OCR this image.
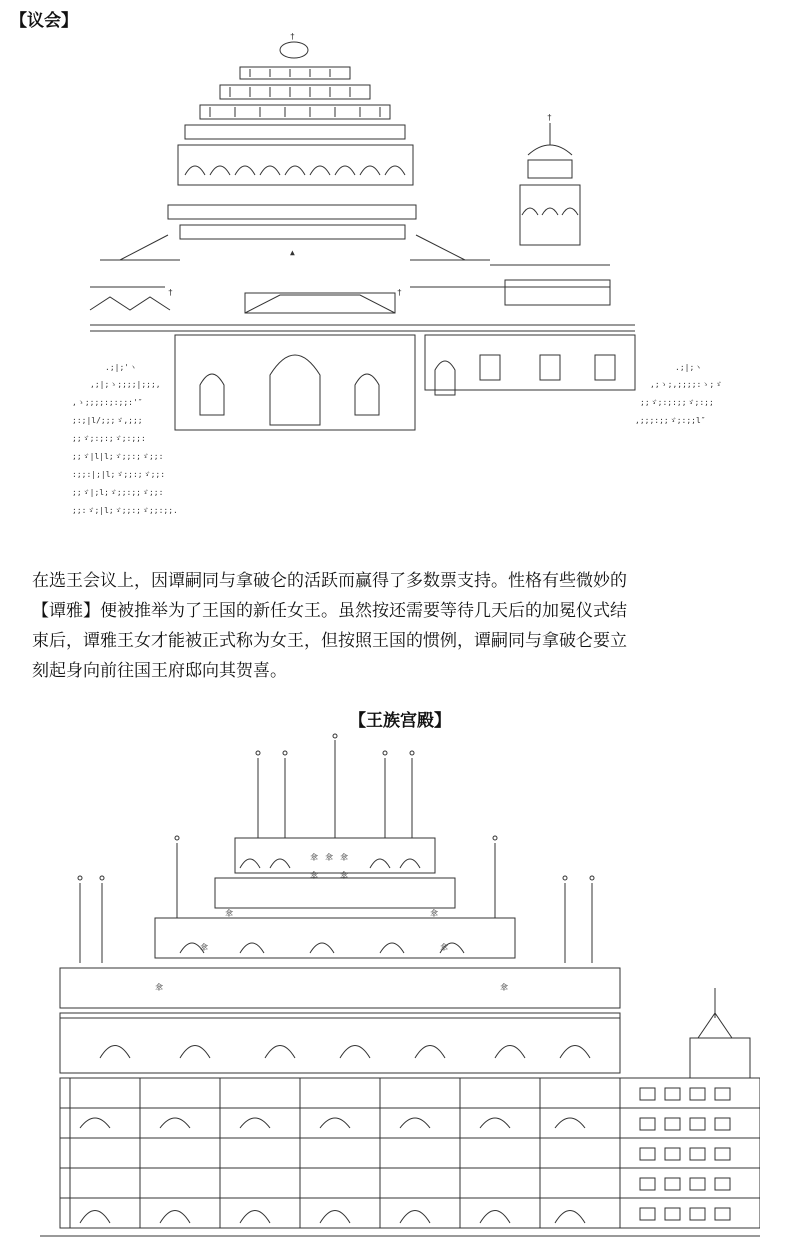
【议会】
†
▲
†
†	†
.;|;'ヽ
,;|;ゝ;;;;|;;;,
,ゝ;;;;:;:;;:'″
;:;|l/;;;ゞ,;;;
;;ゞ;:;:;ゞ;:;;:
;;ゞ|l|l;ゞ;;:;ゞ;;:
:;;:|;|l;ゞ;;:;ゞ;;:
;;ゞ|;l;ゞ;;:;;ゞ;;:
;;:ゞ;|l;ゞ;;:;ゞ;;:;;.
.;|;ヽ
,;ゝ;,;;;;:ゝ;ゞ
;;ゞ;:;:;;ゞ;:;;
,;;;:;;ゞ;:;;l″
在选王会议上，因谭嗣同与拿破仑的活跃而赢得了多数票支持。性格有些微妙的
【谭雅】便被推举为了王国的新任女王。虽然按还需要等待几天后的加冕仪式结
束后，谭雅王女才能被正式称为女王，但按照王国的惯例，谭嗣同与拿破仑要立
刻起身向前往国王府邸向其贺喜。
【王族宫殿】
傘 傘 傘
傘	傘
傘	傘
傘	傘
傘	傘
